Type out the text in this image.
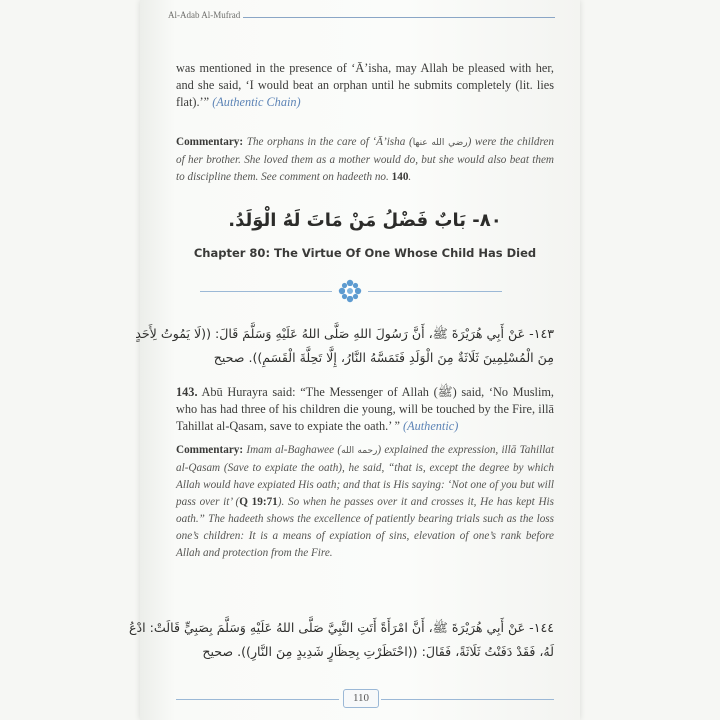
Al-Adab Al-Mufrad

was mentioned in the presence of ‘Ā’isha, may Allah be pleased with her, and she said, ‘I would beat an orphan until he submits completely (lit. lies flat).’” (Authentic Chain)

Commentary: The orphans in the care of ‘Ā’isha (رضي الله عنها) were the children of her brother. She loved them as a mother would do, but she would also beat them to discipline them. See comment on hadeeth no. 140.

٨٠- بَابٌ فَضْلُ مَنْ مَاتَ لَهُ الْوَلَدُ.
Chapter 80: The Virtue Of One Whose Child Has Died
١٤٣- عَنْ أَبِي هُرَيْرَةَ ﷺ، أَنَّ رَسُولَ اللهِ صَلَّى اللهُ عَلَيْهِ وَسَلَّمَ قَالَ: ((لَا يَمُوتُ لِأَحَدٍ
مِنَ الْمُسْلِمِينَ ثَلَاثَةٌ مِنَ الْوَلَدِ فَتَمَسَّهُ النَّارُ، إِلَّا تَحِلَّةَ الْقَسَمِ)). صحيح

143. Abū Hurayra said: “The Messenger of Allah (ﷺ) said, ‘No Muslim, who has had three of his children die young, will be touched by the Fire, illā Tahillat al-Qasam, save to expiate the oath.’ ” (Authentic)

Commentary: Imam al-Baghawee (رحمه الله) explained the expression, illā Tahillat al-Qasam (Save to expiate the oath), he said, “that is, except the degree by which Allah would have expiated His oath; and that is His saying: ‘Not one of you but will pass over it’ (Q 19:71). So when he passes over it and crosses it, He has kept His oath.” The hadeeth shows the excellence of patiently bearing trials such as the loss one’s children: It is a means of expiation of sins, elevation of one’s rank before Allah and protection from the Fire.

١٤٤- عَنْ أَبِي هُرَيْرَةَ ﷺ، أَنَّ امْرَأَةً أَتَتِ النَّبِيَّ صَلَّى اللهُ عَلَيْهِ وَسَلَّمَ بِصَبِيٍّ قَالَتْ: ادْعُ
لَهُ، فَقَدْ دَفَنْتُ ثَلَاثَةً، فَقَالَ: ((احْتَظَرْتِ بِحِظَارٍ شَدِيدٍ مِنَ النَّارِ)). صحيح
110
